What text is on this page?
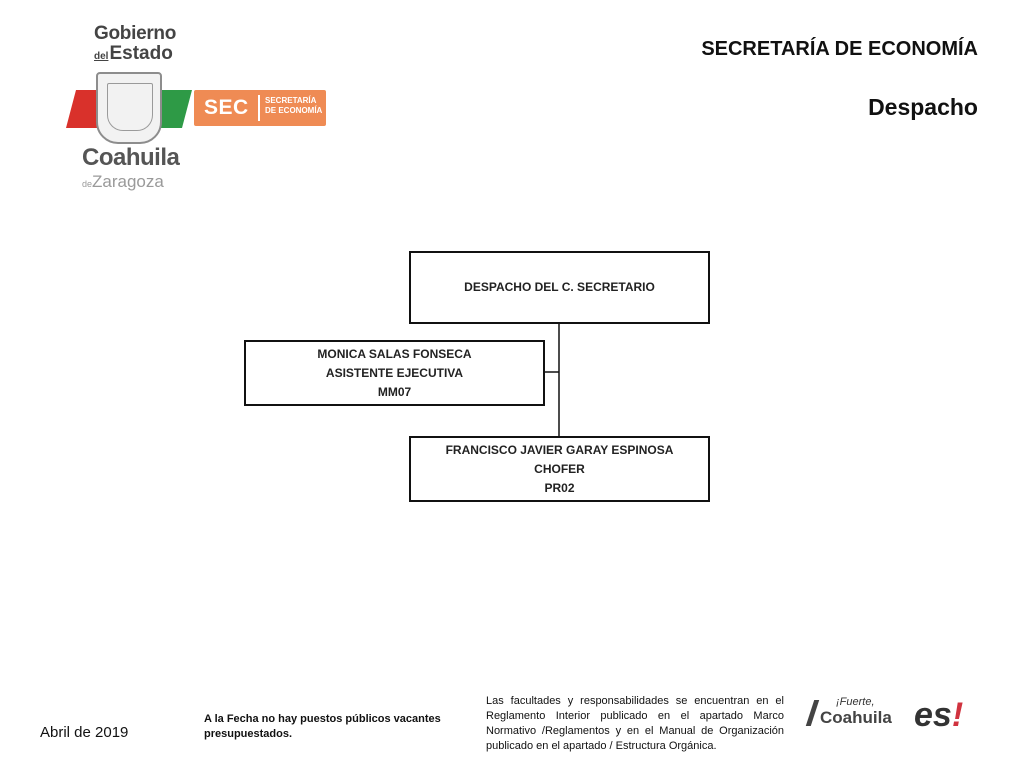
Gobierno
delEstado
SEC SECRETARÍA
DE ECONOMÍA
Coahuila
deZaragoza
SECRETARÍA DE ECONOMÍA
Despacho
DESPACHO DEL C. SECRETARIO
MONICA SALAS FONSECA
ASISTENTE EJECUTIVA
MM07
FRANCISCO JAVIER GARAY ESPINOSA
CHOFER
PR02
Abril de 2019
A la Fecha no hay puestos públicos vacantes
presupuestados.
Las facultades y responsabilidades se encuentran en el Reglamento Interior publicado en el apartado Marco Normativo /Reglamentos y en el Manual de Organización publicado en el apartado / Estructura Orgánica.
¡Fuerte,
Coahuila es!
